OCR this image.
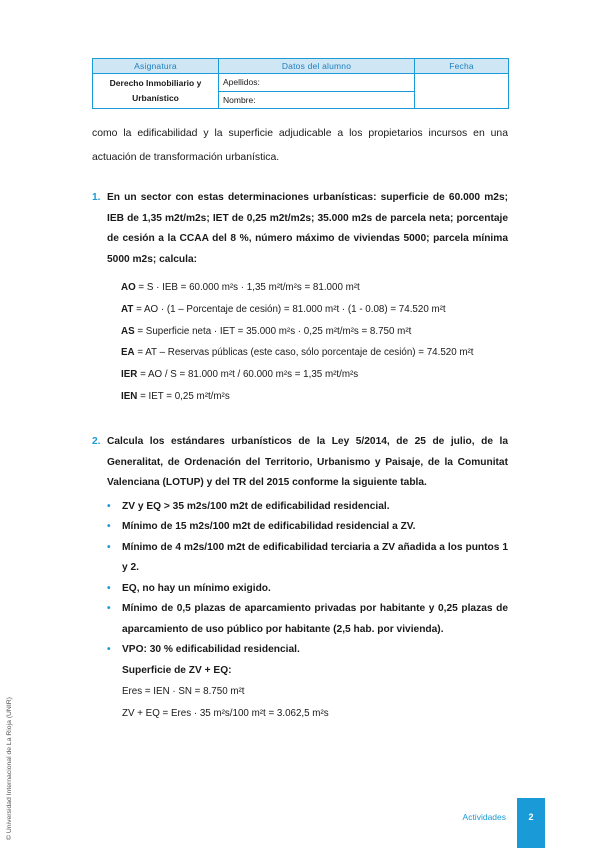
Asignatura	Datos del alumno	Fecha
Derecho Inmobiliario y Urbanístico	Apellidos:	
	Nombre:	

como la edificabilidad y la superficie adjudicable a los propietarios incursos en una actuación de transformación urbanística.

1. En un sector con estas determinaciones urbanísticas: superficie de 60.000 m2s; IEB de 1,35 m2t/m2s; IET de 0,25 m2t/m2s; 35.000 m2s de parcela neta; porcentaje de cesión a la CCAA del 8 %, número máximo de viviendas 5000; parcela mínima 5000 m2s; calcula:

AO = S · IEB = 60.000 m²s · 1,35 m²t/m²s = 81.000 m²t
AT = AO · (1 – Porcentaje de cesión) = 81.000 m²t · (1 - 0.08) = 74.520 m²t
AS = Superficie neta · IET = 35.000 m²s · 0,25 m²t/m²s = 8.750 m²t
EA = AT – Reservas públicas (este caso, sólo porcentaje de cesión) = 74.520 m²t
IER = AO / S = 81.000 m²t / 60.000 m²s = 1,35 m²t/m²s
IEN = IET = 0,25 m²t/m²s
2. Calcula los estándares urbanísticos de la Ley 5/2014, de 25 de julio, de la Generalitat, de Ordenación del Territorio, Urbanismo y Paisaje, de la Comunitat Valenciana (LOTUP) y del TR del 2015 conforme la siguiente tabla.

• ZV y EQ > 35 m2s/100 m2t de edificabilidad residencial.
• Mínimo de 15 m2s/100 m2t de edificabilidad residencial a ZV.
• Mínimo de 4 m2s/100 m2t de edificabilidad terciaria a ZV añadida a los puntos 1 y 2.
• EQ, no hay un mínimo exigido.
• Mínimo de 0,5 plazas de aparcamiento privadas por habitante y 0,25 plazas de aparcamiento de uso público por habitante (2,5 hab. por vivienda).
• VPO: 30 % edificabilidad residencial.

Superficie de ZV + EQ:

Eres = IEN · SN = 8.750 m²t

ZV + EQ = Eres · 35 m²s/100 m²t = 3.062,5 m²s

Actividades	2
© Universidad Internacional de La Rioja (UNIR)
